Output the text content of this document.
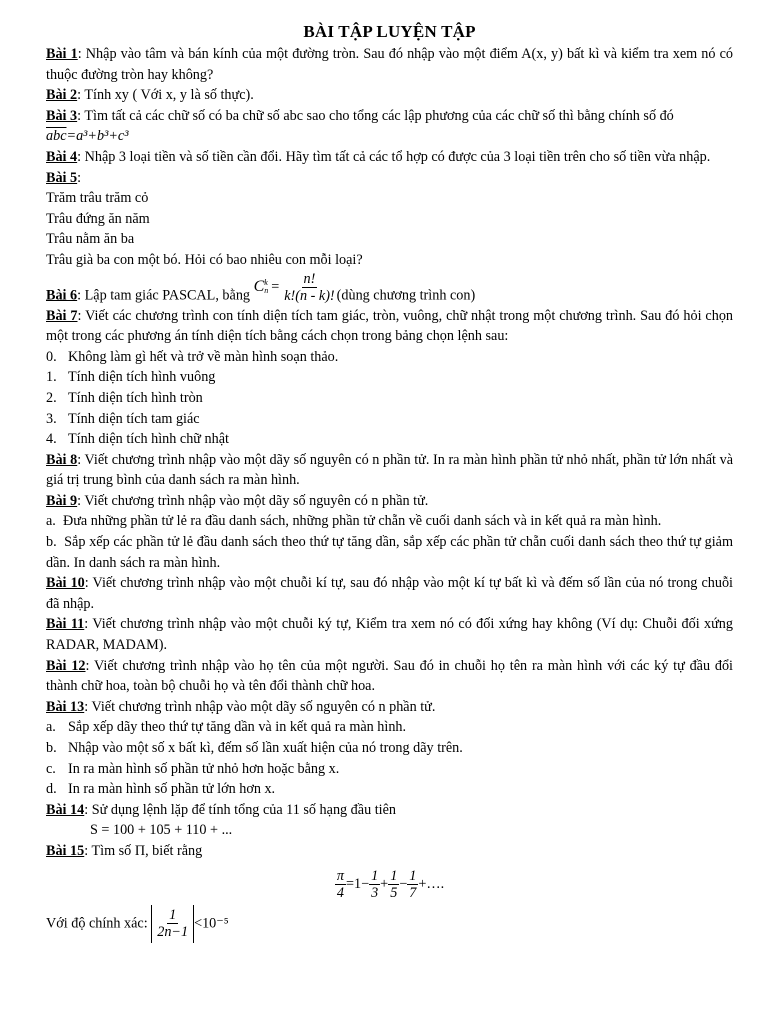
BÀI TẬP LUYỆN TẬP

Bài 1: Nhập vào tâm và bán kính của một đường tròn. Sau đó nhập vào một điểm A(x, y) bất kì và kiểm tra xem nó có thuộc đường tròn hay không?

Bài 2: Tính xy ( Với x, y là số thực).

Bài 3: Tìm tất cả các chữ số có ba chữ số abc sao cho tổng các lập phương của các chữ số thì bằng chính số đó

$\overline{abc}=a^3+b^3+c^3$

Bài 4: Nhập 3 loại tiền và số tiền cần đổi. Hãy tìm tất cả các tổ hợp có được của 3 loại tiền trên cho số tiền vừa nhập.

Bài 5:

Trăm trâu trăm cỏ

Trâu đứng ăn năm

Trâu nằm ăn ba

Trâu già ba con một bó. Hỏi có bao nhiêu con mỗi loại?

Bài 6: Lập tam giác PASCAL, bằng
C k
$n = \frac{n!}{k!(n - k)!}$ (dùng chương trình con)

Bài 7: Viết các chương trình con tính diện tích tam giác, tròn, vuông, chữ nhật trong một chương trình. Sau đó hỏi chọn một trong các phương án tính diện tích bằng cách chọn trong bảng chọn lệnh sau:

0. Không làm gì hết và trở về màn hình soạn thảo.
1. Tính diện tích hình vuông
2. Tính diện tích hình tròn
3. Tính diện tích tam giác
4. Tính diện tích hình chữ nhật

Bài 8: Viết chương trình nhập vào một dãy số nguyên có n phần tử. In ra màn hình phần tử nhỏ nhất, phần tử lớn nhất và giá trị trung bình của danh sách ra màn hình.

Bài 9: Viết chương trình nhập vào một dãy số nguyên có n phần tử.

a. Đưa những phần tử lẻ ra đầu danh sách, những phần tử chẵn về cuối danh sách và in kết quả ra màn hình.

b.  Sắp xếp các phần tử lẻ đầu danh sách theo thứ tự tăng dần, sắp xếp các phần tử chẵn cuối danh sách theo thứ tự giảm dần. In danh sách ra màn hình.

Bài 10: Viết chương trình nhập vào một chuỗi kí tự, sau đó nhập vào một kí tự bất kì và đếm số lần của nó trong chuỗi đã nhập.

Bài 11: Viết chương trình nhập vào một chuỗi ký tự, Kiểm tra xem nó có đối xứng hay không (Ví dụ: Chuỗi đối xứng RADAR, MADAM).

Bài 12: Viết chương trình nhập vào họ tên của một người. Sau đó in chuỗi họ tên ra màn hình với các ký tự đầu đổi thành chữ hoa, toàn bộ chuỗi họ và tên đổi thành chữ hoa.

Bài 13: Viết chương trình nhập vào một dãy số nguyên có n phần tử.

a. Sắp xếp dãy theo thứ tự tăng dần và in kết quả ra màn hình.
b. Nhập vào một số x bất kì, đếm số lần xuất hiện của nó trong dãy trên.
c. In ra màn hình số phần tử nhỏ hơn hoặc bằng x.
d. In ra màn hình số phần tử lớn hơn x.

Bài 14: Sử dụng lệnh lặp để tính tổng của 11 số hạng đầu tiên

S = 100 + 105 + 110 + ...

Bài 15: Tìm số Π, biết rằng

$\frac{\pi}{4} =1- \frac{1}{3} + \frac{1}{5} - \frac{1}{7}$ +….

Với độ chính xác: $\frac{1}{2n-1} <10^{-5}$
